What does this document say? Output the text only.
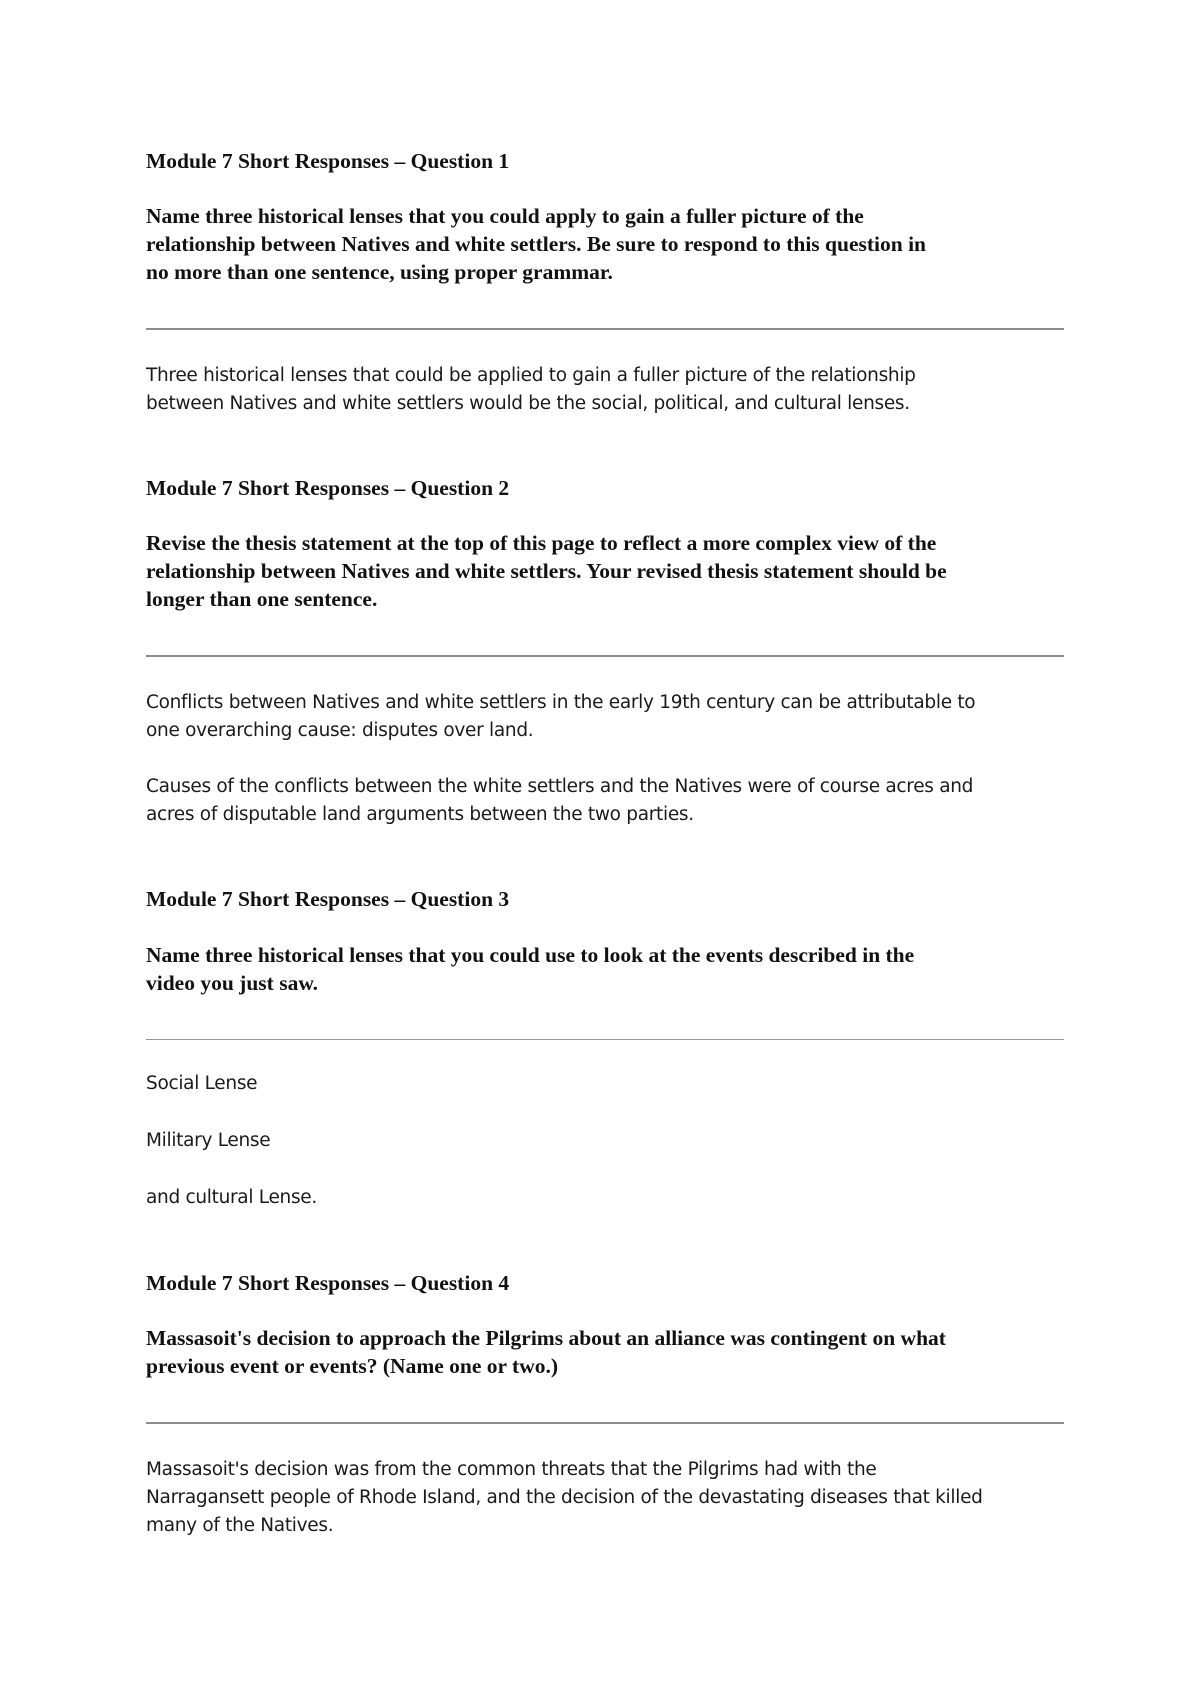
Module 7 Short Responses – Question 1

Name three historical lenses that you could apply to gain a fuller picture of the

relationship between Natives and white settlers. Be sure to respond to this question in

no more than one sentence, using proper grammar.

Three historical lenses that could be applied to gain a fuller picture of the relationship

between Natives and white settlers would be the social, political, and cultural lenses.

Module 7 Short Responses – Question 2

Revise the thesis statement at the top of this page to reflect a more complex view of the

relationship between Natives and white settlers. Your revised thesis statement should be

longer than one sentence.

Conflicts between Natives and white settlers in the early 19th century can be attributable to

one overarching cause: disputes over land.

Causes of the conflicts between the white settlers and the Natives were of course acres and

acres of disputable land arguments between the two parties.

Module 7 Short Responses – Question 3

Name three historical lenses that you could use to look at the events described in the

video you just saw.

Social Lense

Military Lense

and cultural Lense.

Module 7 Short Responses – Question 4

Massasoit's decision to approach the Pilgrims about an alliance was contingent on what

previous event or events? (Name one or two.)

Massasoit's decision was from the common threats that the Pilgrims had with the

Narragansett people of Rhode Island, and the decision of the devastating diseases that killed

many of the Natives.
